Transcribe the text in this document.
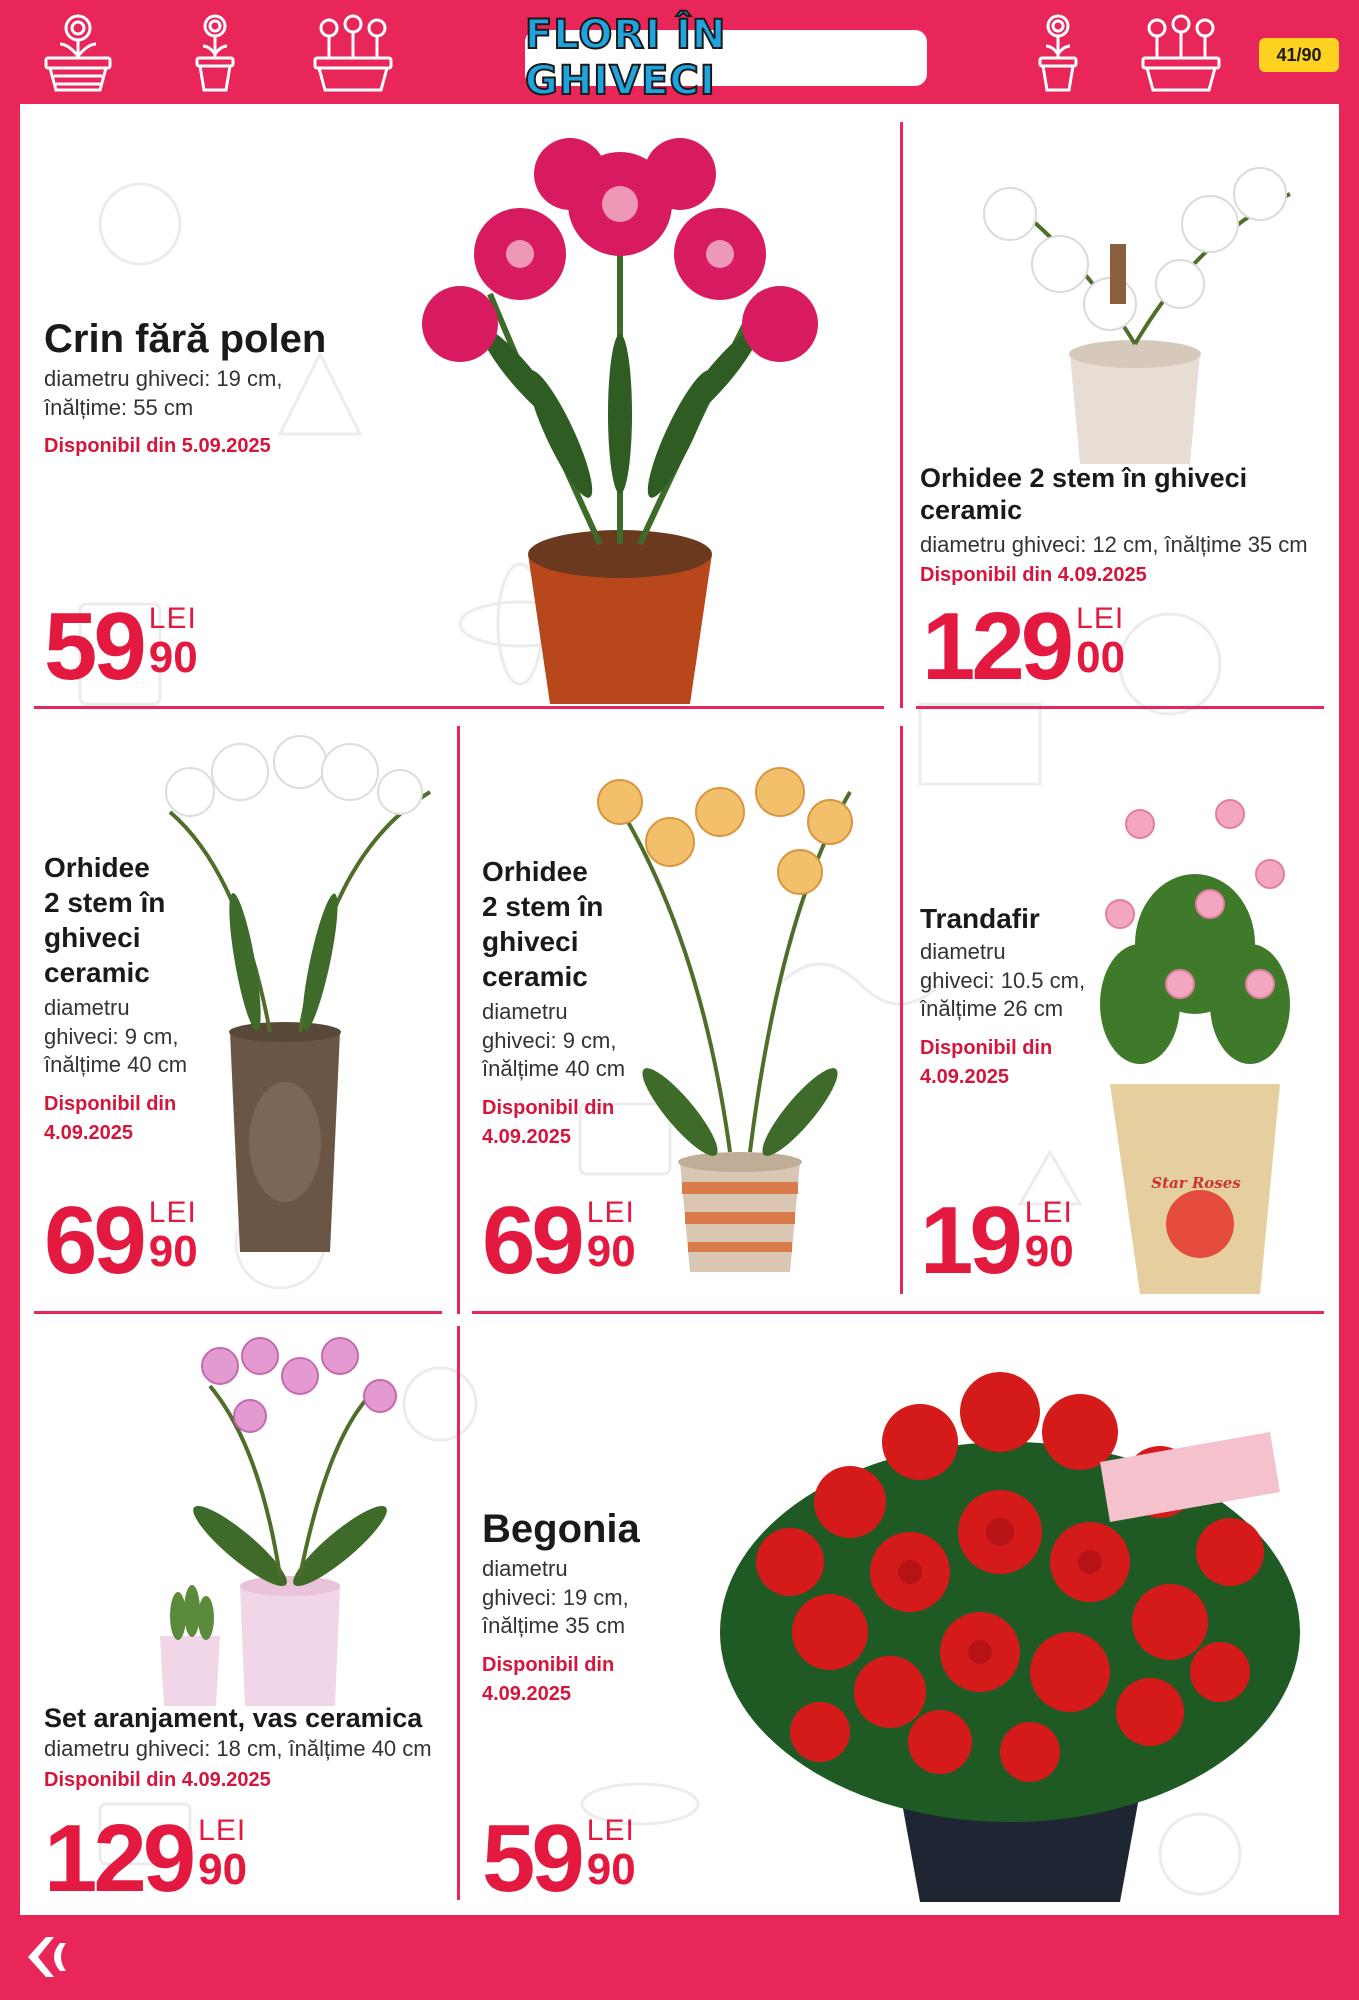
FLORI ÎN GHIVECI
41/90
Crin fără polen
diametru ghiveci: 19 cm,
înălțime: 55 cm
Disponibil din 5.09.2025
59 LEI
90
Orhidee 2 stem în ghiveci
ceramic
diametru ghiveci: 12 cm, înălțime 35 cm
Disponibil din 4.09.2025
129 LEI
00
Orhidee
2 stem în
ghiveci
ceramic
diametru
ghiveci: 9 cm,
înălțime 40 cm
Disponibil din
4.09.2025
69 LEI
90
Orhidee
2 stem în
ghiveci
ceramic
diametru
ghiveci: 9 cm,
înălțime 40 cm
Disponibil din
4.09.2025
69 LEI
90
Trandafir
diametru
ghiveci: 10.5 cm,
înălțime 26 cm
Disponibil din
4.09.2025
Star Roses
19 LEI
90
Set aranjament, vas ceramica
diametru ghiveci: 18 cm, înălțime 40 cm
Disponibil din 4.09.2025
129 LEI
90
Begonia
diametru
ghiveci: 19 cm,
înălțime 35 cm
Disponibil din
4.09.2025
59 LEI
90
